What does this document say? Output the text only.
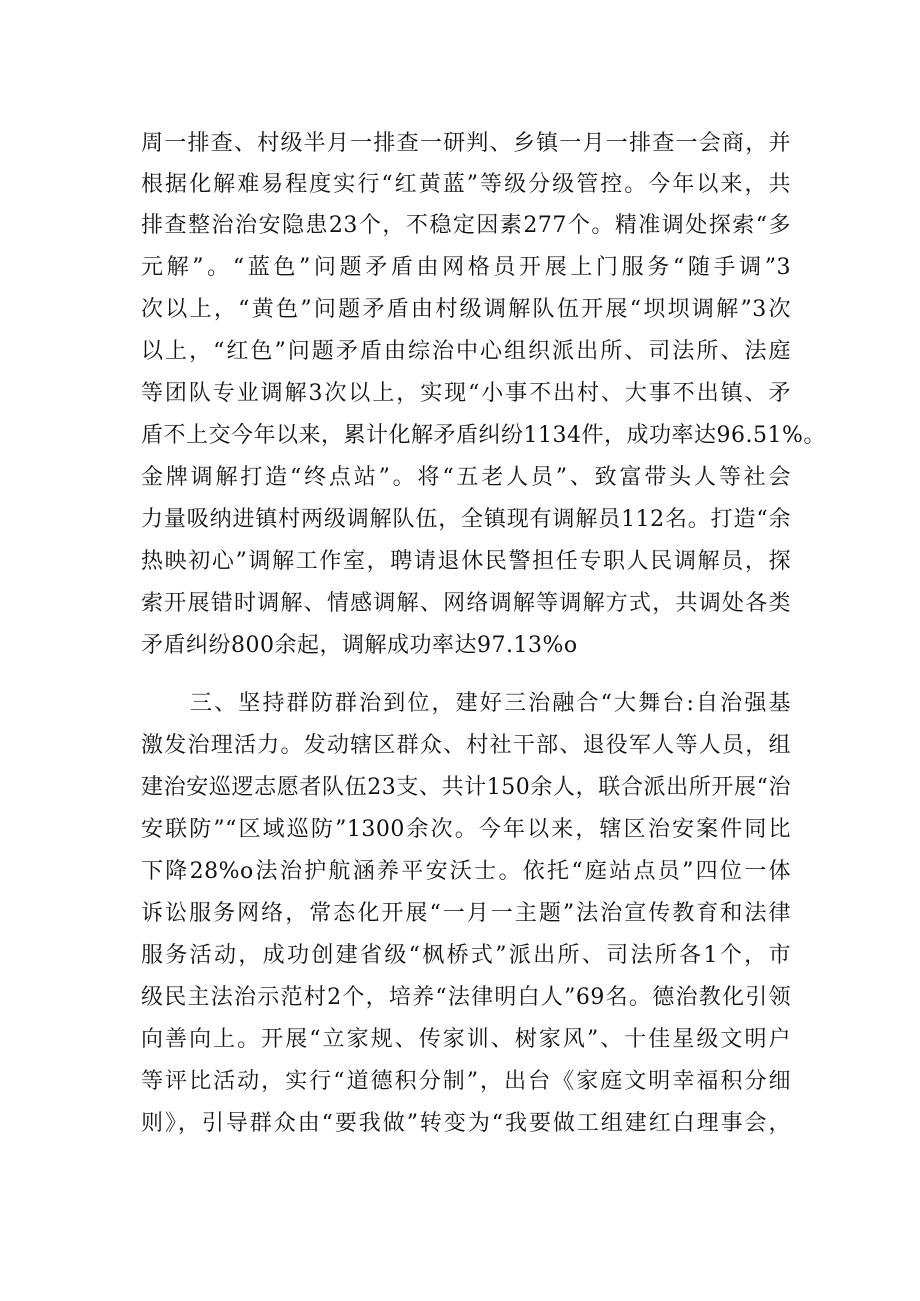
周一排查、村级半月一排查一研判、乡镇一月一排查一会商，并

根据化解难易程度实行“红黄蓝”等级分级管控。今年以来，共

排查整治治安隐患23个，不稳定因素277个。精准调处探索“多

元解”。“蓝色”问题矛盾由网格员开展上门服务“随手调”3

次以上，“黄色”问题矛盾由村级调解队伍开展“坝坝调解”3次

以上，“红色”问题矛盾由综治中心组织派出所、司法所、法庭

等团队专业调解3次以上，实现“小事不出村、大事不出镇、矛

盾不上交今年以来，累计化解矛盾纠纷1134件，成功率达96.51%。

金牌调解打造“终点站”。将“五老人员”、致富带头人等社会

力量吸纳进镇村两级调解队伍，全镇现有调解员112名。打造“余

热映初心”调解工作室，聘请退休民警担任专职人民调解员，探

索开展错时调解、情感调解、网络调解等调解方式，共调处各类

矛盾纠纷800余起，调解成功率达97.13%o

三、坚持群防群治到位，建好三治融合“大舞台:自治强基

激发治理活力。发动辖区群众、村社干部、退役军人等人员，组

建治安巡逻志愿者队伍23支、共计150余人，联合派出所开展“治

安联防”“区域巡防”1300余次。今年以来，辖区治安案件同比

下降28%o法治护航涵养平安沃士。依托“庭站点员”四位一体

诉讼服务网络，常态化开展“一月一主题”法治宣传教育和法律

服务活动，成功创建省级“枫桥式”派出所、司法所各1个，市

级民主法治示范村2个，培养“法律明白人”69名。德治教化引领

向善向上。开展“立家规、传家训、树家风”、十佳星级文明户

等评比活动，实行“道德积分制”，出台《家庭文明幸福积分细

则》，引导群众由“要我做”转变为“我要做工组建红白理事会，
